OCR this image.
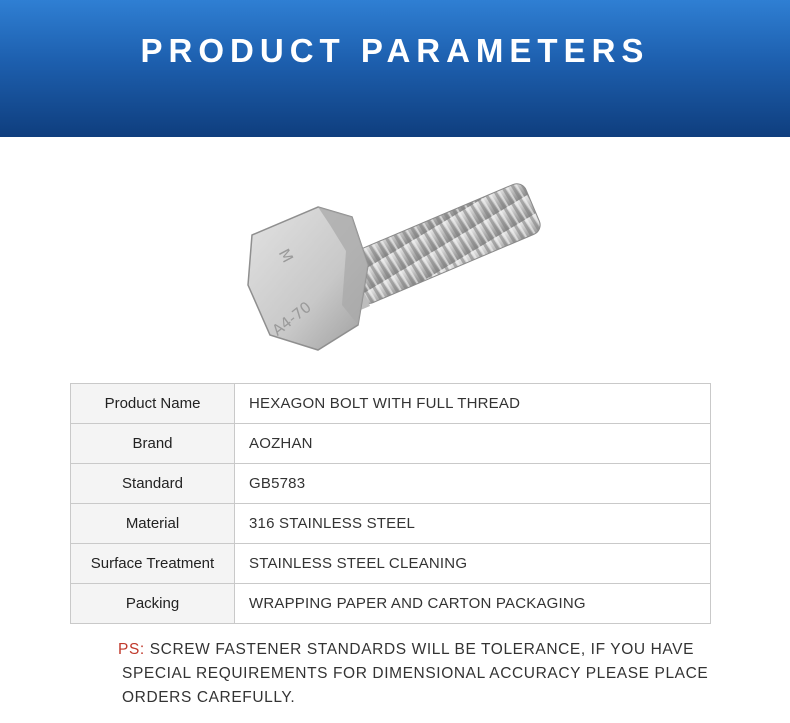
PRODUCT PARAMETERS
M
A4-70
Product Name	HEXAGON BOLT WITH FULL THREAD
Brand	AOZHAN
Standard	GB5783
Material	316 STAINLESS STEEL
Surface Treatment	STAINLESS STEEL CLEANING
Packing	WRAPPING PAPER AND CARTON PACKAGING
PS: SCREW FASTENER STANDARDS WILL BE TOLERANCE, IF YOU HAVE
SPECIAL REQUIREMENTS FOR DIMENSIONAL ACCURACY PLEASE PLACE
ORDERS CAREFULLY.
